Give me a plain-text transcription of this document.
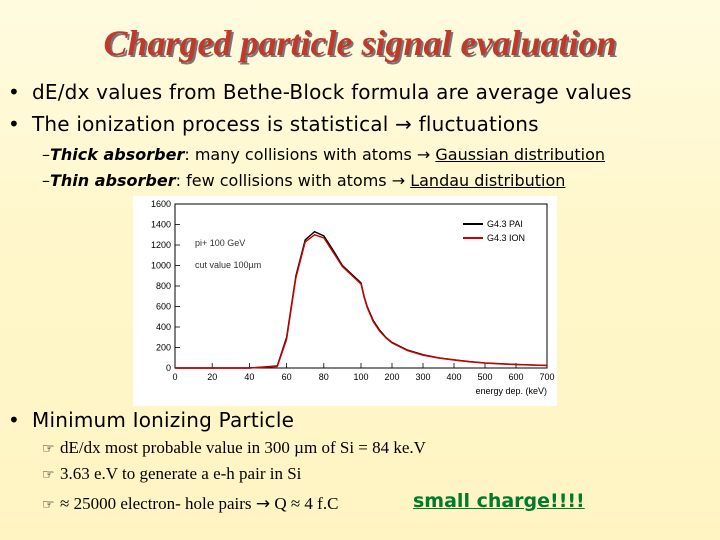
Charged particle signal evaluation
• dE/dx values from Bethe-Block formula are average values
• The ionization process is statistical → fluctuations
–Thick absorber: many collisions with atoms → Gaussian distribution
–Thin absorber: few collisions with atoms → Landau distribution
0
200
400
600
800
1000
1200
1400
1600
0	20	40	60	80	100 200 300 400 500 600 700
energy dep. (keV)
pi+ 100 GeV
cut value 100µm
G4.3 PAI
G4.3 ION
• Minimum Ionizing Particle
☞ dE/dx most probable value in 300 µm of Si = 84 ke.V
☞ 3.63 e.V to generate a e-h pair in Si
☞ ≈ 25000 electron- hole pairs → Q ≈ 4 f.C	small charge!!!!
